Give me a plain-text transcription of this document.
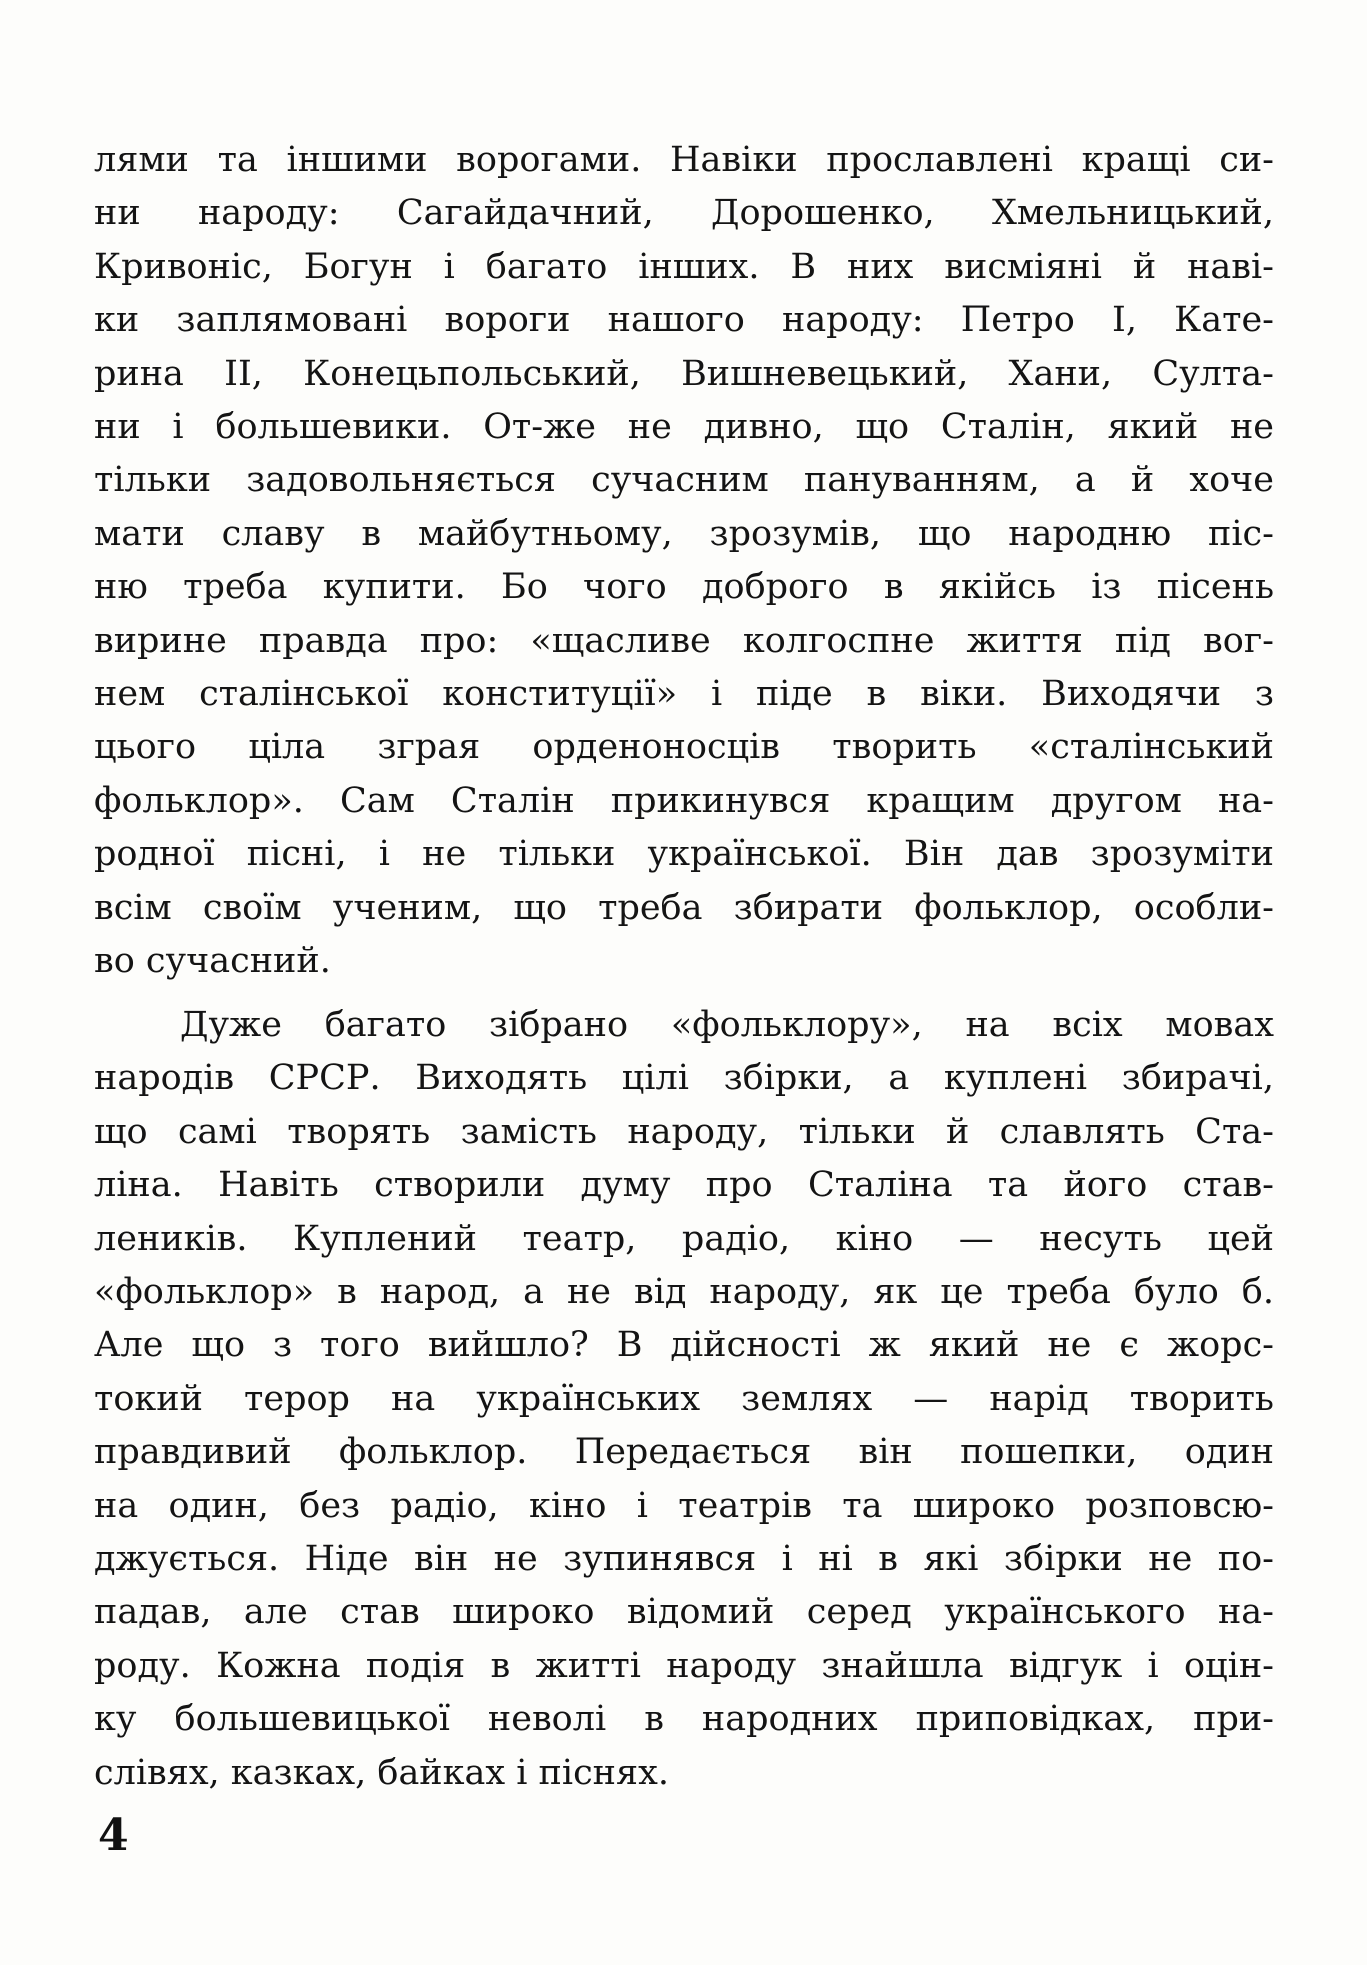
лями та іншими ворогами. Навіки прославлені кращі си-
ни народу: Сагайдачний, Дорошенко, Хмельницький,
Кривоніс, Богун і багато інших. В них висміяні й наві-
ки заплямовані вороги нашого народу: Петро І, Кате-
рина II, Конецьпольський, Вишневецький, Хани, Султа-
ни і большевики. От-же не дивно, що Сталін, який не
тільки задовольняється сучасним пануванням, а й хоче
мати славу в майбутньому, зрозумів, що народню піс-
ню треба купити. Бо чого доброго в якійсь із пісень
вирине правда про: «щасливе колгоспне життя під вог-
нем сталінської конституції» і піде в віки. Виходячи з
цього ціла зграя орденоносців творить «сталінський
фольклор». Сам Сталін прикинувся кращим другом на-
родної пісні, і не тільки української. Він дав зрозуміти
всім своїм ученим, що треба збирати фольклор, особли-
во сучасний.
Дуже багато зібрано «фольклору», на всіх мовах
народів СРСР. Виходять цілі збірки, а куплені збирачі,
що самі творять замість народу, тільки й славлять Ста-
ліна. Навіть створили думу про Сталіна та його став-
леників. Куплений театр, радіо, кіно — несуть цей
«фольклор» в народ, а не від народу, як це треба було б.
Але що з того вийшло? В дійсності ж який не є жорс-
токий терор на українських землях — нарід творить
правдивий фольклор. Передається він пошепки, один
на один, без радіо, кіно і театрів та широко розповсю-
джується. Ніде він не зупинявся і ні в які збірки не по-
падав, але став широко відомий серед українського на-
роду. Кожна подія в житті народу знайшла відгук і оцін-
ку большевицької неволі в народних приповідках, при-
слівях, казках, байках і піснях.
4
